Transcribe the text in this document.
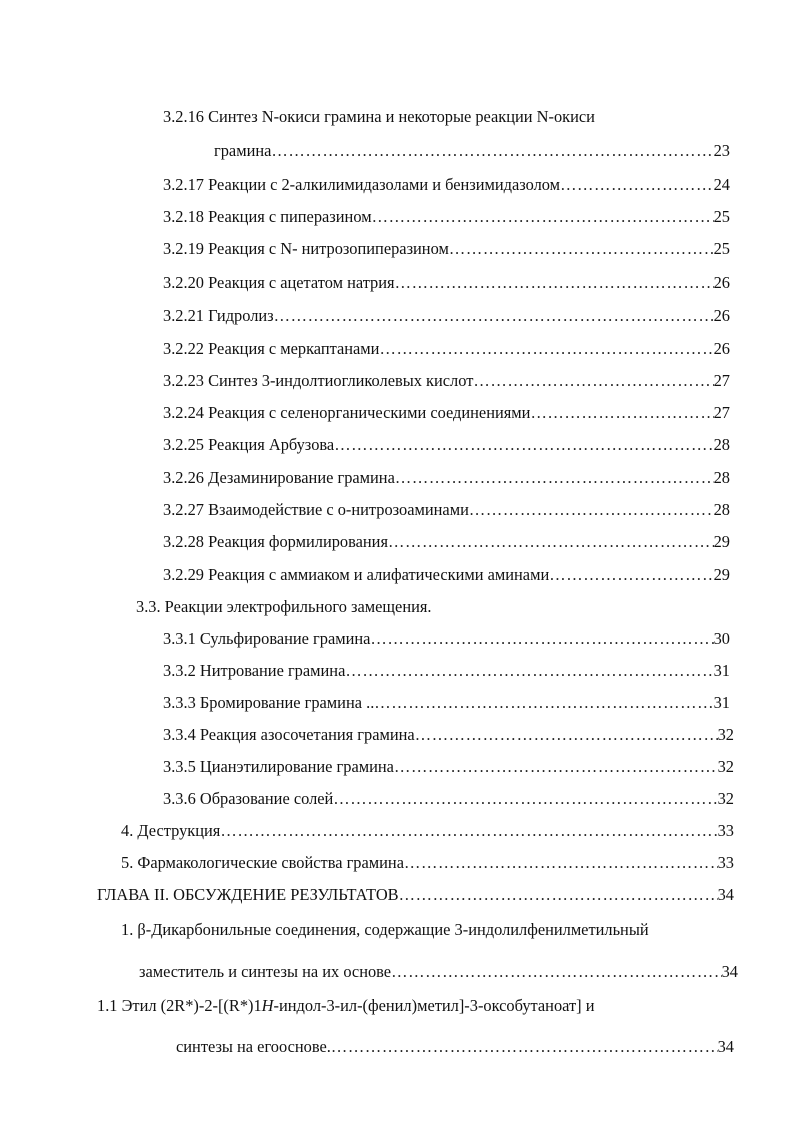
3.2.16 Синтез N-окиси грамина и некоторые реакции N-окиси
грамина ………………………………………………………………………………………………………………………………………………………………	23
3.2.17 Реакции с 2-алкилимидазолами и бензимидазолом ………………………………………………………………………………………………………………………………………………………………	24
3.2.18 Реакция с пиперазином ………………………………………………………………………………………………………………………………………………………………	25
3.2.19 Реакция с N- нитрозопиперазином ………………………………………………………………………………………………………………………………………………………………	25
3.2.20 Реакция с ацетатом натрия ………………………………………………………………………………………………………………………………………………………………	26
3.2.21 Гидролиз ………………………………………………………………………………………………………………………………………………………………	26
3.2.22 Реакция с меркаптанами ………………………………………………………………………………………………………………………………………………………………	26
3.2.23 Синтез 3-индолтиогликолевых кислот ………………………………………………………………………………………………………………………………………………………………	27
3.2.24 Реакция с селенорганическими соединениями ………………………………………………………………………………………………………………………………………………………………	27
3.2.25 Реакция Арбузова ………………………………………………………………………………………………………………………………………………………………	28
3.2.26 Дезаминирование грамина ………………………………………………………………………………………………………………………………………………………………	28
3.2.27 Взаимодействие с о-нитрозоаминами ………………………………………………………………………………………………………………………………………………………………	28
3.2.28 Реакция формилирования ………………………………………………………………………………………………………………………………………………………………	29
3.2.29 Реакция с аммиаком и алифатическими аминами ………………………………………………………………………………………………………………………………………………………………	29
3.3. Реакции электрофильного замещения.
3.3.1 Сульфирование грамина ………………………………………………………………………………………………………………………………………………………………	30
3.3.2 Нитрование грамина ………………………………………………………………………………………………………………………………………………………………	31
3.3.3 Бромирование грамина .. ………………………………………………………………………………………………………………………………………………………………	31
3.3.4 Реакция азосочетания грамина ………………………………………………………………………………………………………………………………………………………………	32
3.3.5 Цианэтилирование грамина ………………………………………………………………………………………………………………………………………………………………	32
3.3.6 Образование солей ………………………………………………………………………………………………………………………………………………………………	32
4. Деструкция ………………………………………………………………………………………………………………………………………………………………	33
5. Фармакологические свойства грамина ………………………………………………………………………………………………………………………………………………………………	33
ГЛАВА II. ОБСУЖДЕНИЕ РЕЗУЛЬТАТОВ ………………………………………………………………………………………………………………………………………………………………	34
1. β-Дикарбонильные соединения, содержащие 3-индолилфенилметильный
заместитель и синтезы на их основе ………………………………………………………………………………………………………………………………………………………………	34
1.1 Этил (2R*)-2-[(R*)1H-индол-3-ил-(фенил)метил]-3-оксобутаноат] и
синтезы на егооснове. ………………………………………………………………………………………………………………………………………………………………	34
